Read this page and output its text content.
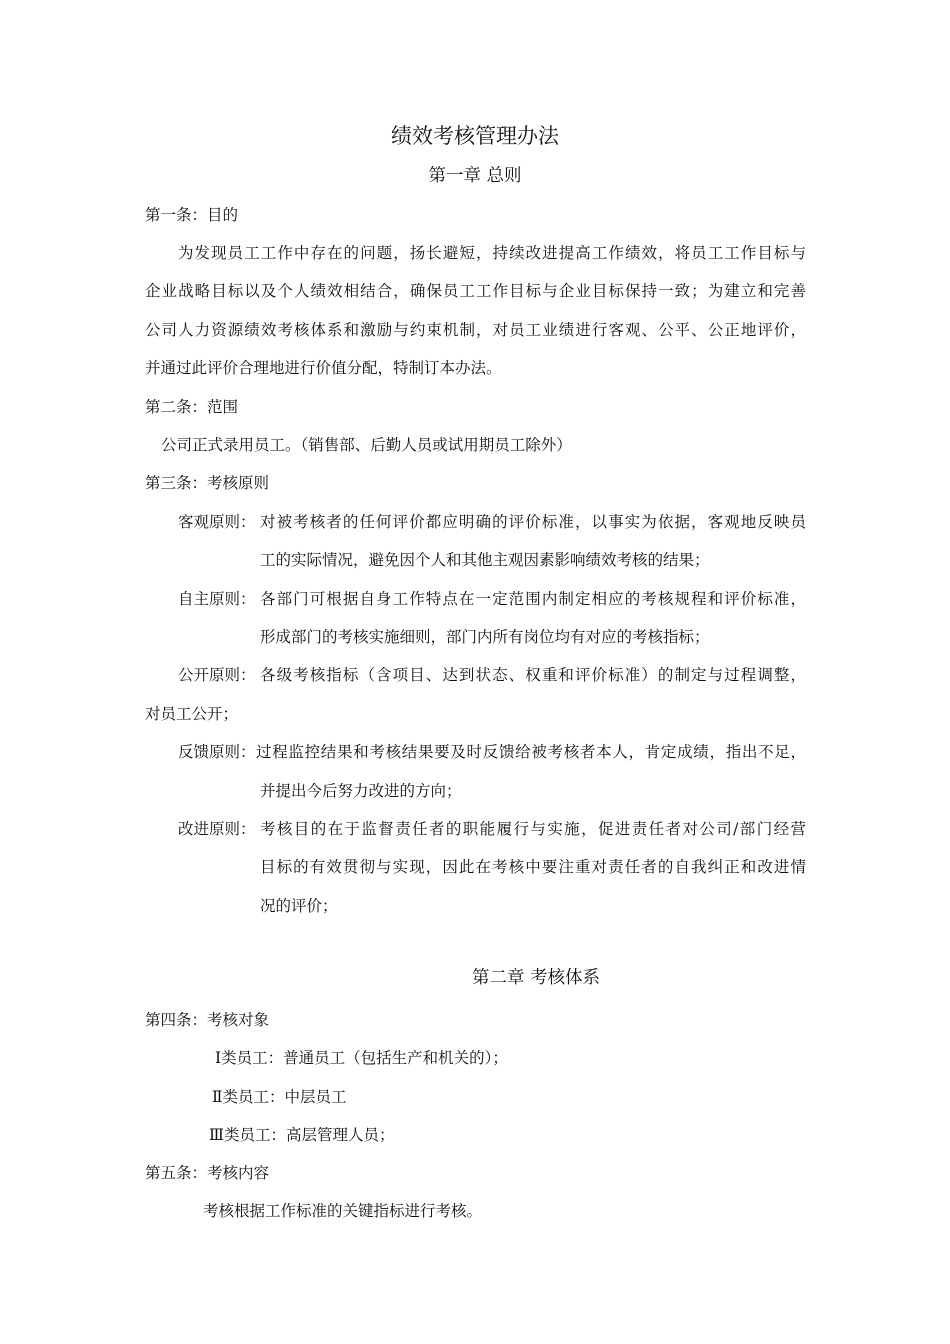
绩效考核管理办法
第一章 总则
第一条：目的
为发现员工工作中存在的问题，扬长避短，持续改进提高工作绩效，将员工工作目标与
企业战略目标以及个人绩效相结合，确保员工工作目标与企业目标保持一致；为建立和完善
公司人力资源绩效考核体系和激励与约束机制，对员工业绩进行客观、公平、公正地评价，
并通过此评价合理地进行价值分配，特制订本办法。
第二条：范围
公司正式录用员工。（销售部、后勤人员或试用期员工除外）
第三条：考核原则
客观原则： 对被考核者的任何评价都应明确的评价标准，以事实为依据，客观地反映员
工的实际情况，避免因个人和其他主观因素影响绩效考核的结果；
自主原则： 各部门可根据自身工作特点在一定范围内制定相应的考核规程和评价标准，
形成部门的考核实施细则，部门内所有岗位均有对应的考核指标；
公开原则： 各级考核指标（含项目、达到状态、权重和评价标准）的制定与过程调整，
对员工公开；
反馈原则： 过程监控结果和考核结果要及时反馈给被考核者本人，肯定成绩，指出不足，
并提出今后努力改进的方向；
改进原则： 考核目的在于监督责任者的职能履行与实施，促进责任者对公司/部门经营
目标的有效贯彻与实现，因此在考核中要注重对责任者的自我纠正和改进情
况的评价；
第二章 考核体系
第四条：考核对象
Ⅰ类员工：普通员工（包括生产和机关的）；
Ⅱ类员工：中层员工
Ⅲ类员工：高层管理人员；
第五条：考核内容
考核根据工作标准的关键指标进行考核。
